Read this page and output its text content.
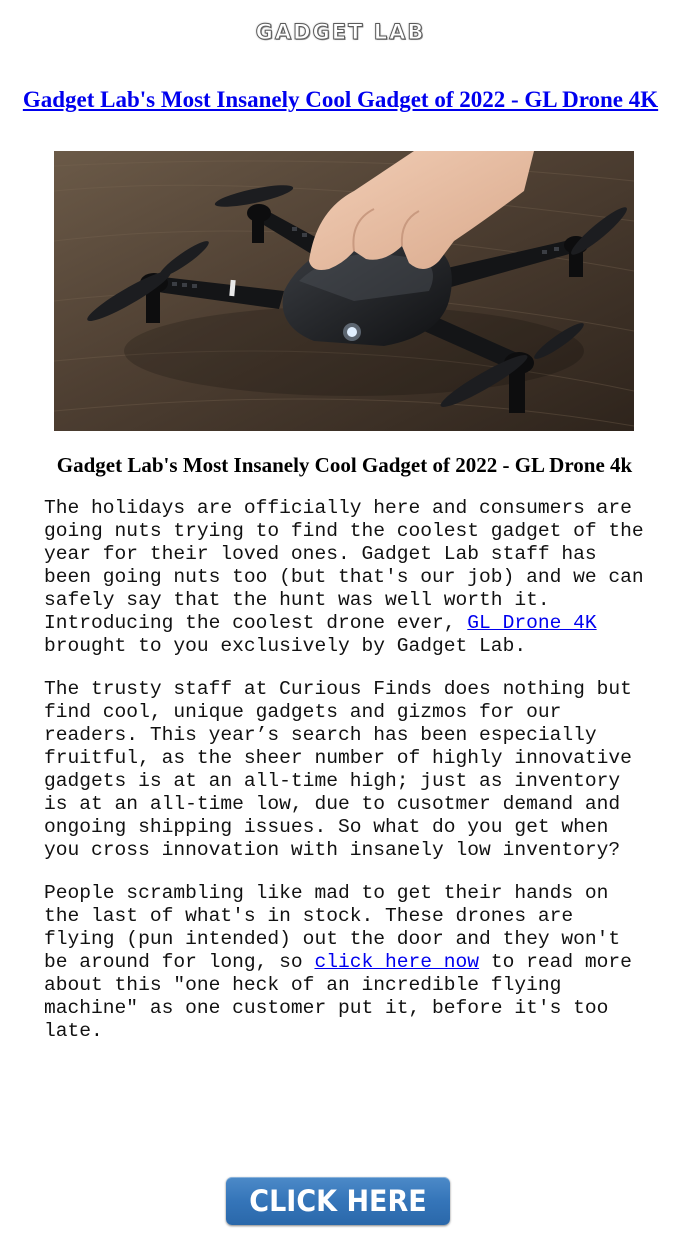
GADGET LAB
Gadget Lab's Most Insanely Cool Gadget of 2022 - GL Drone 4K
Gadget Lab's Most Insanely Cool Gadget of 2022 - GL Drone 4k

The holidays are officially here and consumers are going nuts trying to find the coolest gadget of the year for their loved ones. Gadget Lab staff has been going nuts too (but that's our job) and we can safely say that the hunt was well worth it. Introducing the coolest drone ever, GL Drone 4K brought to you exclusively by Gadget Lab.

The trusty staff at Curious Finds does nothing but find cool, unique gadgets and gizmos for our readers. This year’s search has been especially fruitful, as the sheer number of highly innovative gadgets is at an all-time high; just as inventory is at an all-time low, due to cusotmer demand and ongoing shipping issues. So what do you get when you cross innovation with insanely low inventory?

People scrambling like mad to get their hands on the last of what's in stock. These drones are flying (pun intended) out the door and they won't be around for long, so click here now to read more about this "one heck of an incredible flying machine" as one customer put it, before it's too late.

CLICK HERE
